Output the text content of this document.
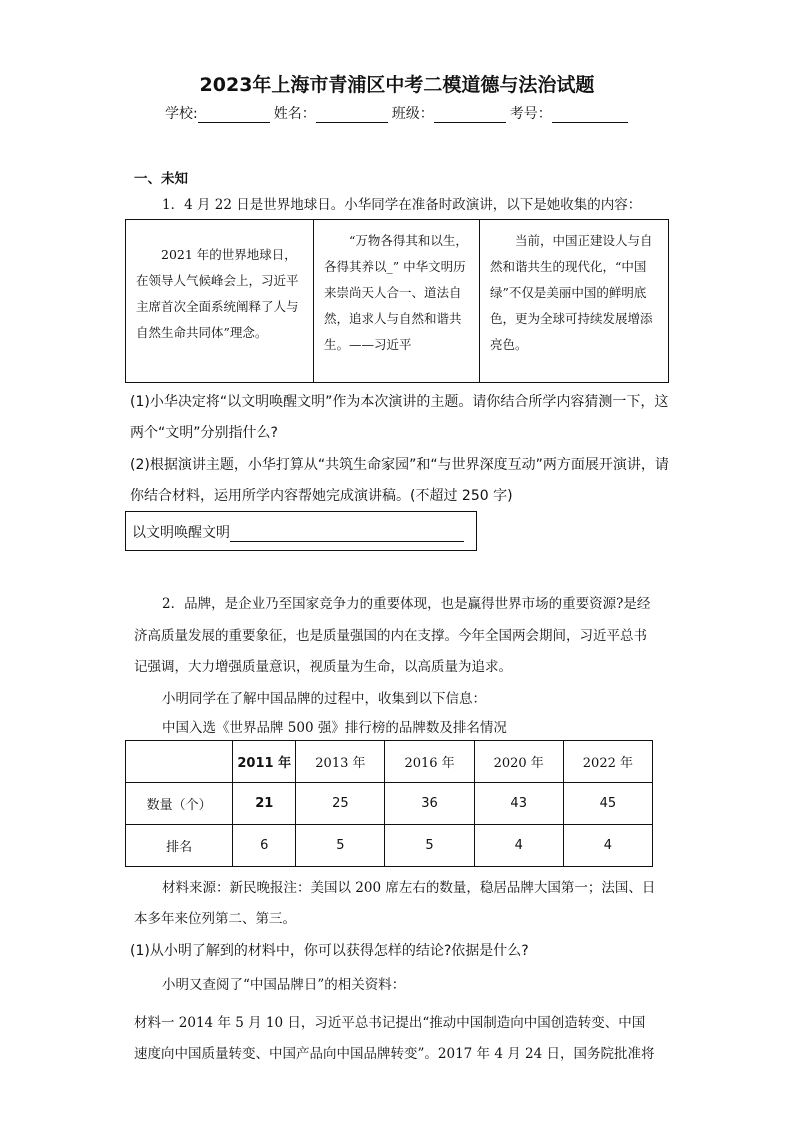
2023年上海市青浦区中考二模道德与法治试题
学校:	姓名：	班级：	考号：
一、未知
1．4 月 22 日是世界地球日。小华同学在准备时政演讲，以下是她收集的内容：

2021 年的世界地球日，在领导人气候峰会上，习近平主席首次全面系统阐释了人与自然生命共同体”理念。

“万物各得其和以生，各得其养以_” 中华文明历来崇尚天人合一、道法自然，追求人与自然和谐共生。——习近平

当前，中国正建设人与自然和谐共生的现代化，“中国绿”不仅是美丽中国的鲜明底色，更为全球可持续发展增添亮色。

(1)小华决定将“以文明唤醒文明”作为本次演讲的主题。请你结合所学内容猜测一下，这
两个“文明”分别指什么?
(2)根据演讲主题，小华打算从“共筑生命家园”和“与世界深度互动”两方面展开演讲，请
你结合材料，运用所学内容帮她完成演讲稿。(不超过 250 字)
以文明唤醒文明
2．品牌，是企业乃至国家竞争力的重要体现，也是赢得世界市场的重要资源?是经
济高质量发展的重要象征，也是质量强国的内在支撑。今年全国两会期间，习近平总书
记强调，大力增强质量意识，视质量为生命，以高质量为追求。
小明同学在了解中国品牌的过程中，收集到以下信息：
中国入选《世界品牌 500 强》排行榜的品牌数及排名情况
	2011 年	2013 年	2016 年	2020 年	2022 年
数量（个）	21	25	36	43	45
排名	6	5	5	4	4
材料来源：新民晚报注：美国以 200 席左右的数量，稳居品牌大国第一；法国、日
本多年来位列第二、第三。
(1)从小明了解到的材料中，你可以获得怎样的结论?依据是什么?
小明又查阅了“中国品牌日”的相关资料：
材料一 2014 年 5 月 10 日，习近平总书记提出“推动中国制造向中国创造转变、中国
速度向中国质量转变、中国产品向中国品牌转变”。2017 年 4 月 24 日，国务院批准将
